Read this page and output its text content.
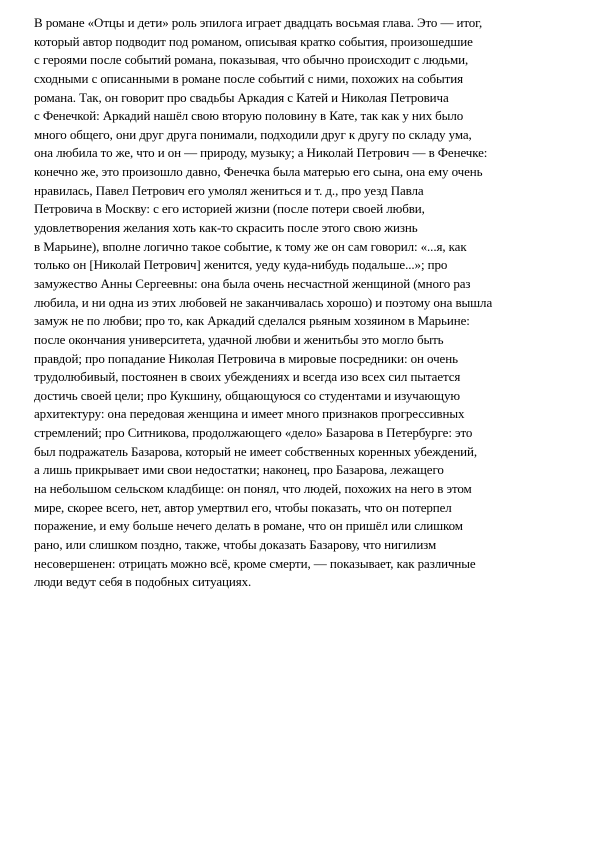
В романе «Отцы и дети» роль эпилога играет двадцать восьмая глава. Это — итог,
который автор подводит под романом, описывая кратко события, произошедшие
с героями после событий романа, показывая, что обычно происходит с людьми,
сходными с описанными в романе после событий с ними, похожих на события
романа. Так, он говорит про свадьбы Аркадия с Катей и Николая Петровича
с Фенечкой: Аркадий нашёл свою вторую половину в Кате, так как у них было
много общего, они друг друга понимали, подходили друг к другу по складу ума,
она любила то же, что и он — природу, музыку; а Николай Петрович — в Фенечке:
конечно же, это произошло давно, Фенечка была матерью его сына, она ему очень
нравилась, Павел Петрович его умолял жениться и т. д., про уезд Павла
Петровича в Москву: с его историей жизни (после потери своей любви,
удовлетворения желания хоть как-то скрасить после этого свою жизнь
в Марьине), вполне логично такое событие, к тому же он сам говорил: «...я, как
только он [Николай Петрович] женится, уеду куда-нибудь подальше...»; про
замужество Анны Сергеевны: она была очень несчастной женщиной (много раз
любила, и ни одна из этих любовей не заканчивалась хорошо) и поэтому она вышла
замуж не по любви; про то, как Аркадий сделался рьяным хозяином в Марьине:
после окончания университета, удачной любви и женитьбы это могло быть
правдой; про попадание Николая Петровича в мировые посредники: он очень
трудолюбивый, постоянен в своих убеждениях и всегда изо всех сил пытается
достичь своей цели; про Кукшину, общающуюся со студентами и изучающую
архитектуру: она передовая женщина и имеет много признаков прогрессивных
стремлений; про Ситникова, продолжающего «дело» Базарова в Петербурге: это
был подражатель Базарова, который не имеет собственных коренных убеждений,
а лишь прикрывает ими свои недостатки; наконец, про Базарова, лежащего
на небольшом сельском кладбище: он понял, что людей, похожих на него в этом
мире, скорее всего, нет, автор умертвил его, чтобы показать, что он потерпел
поражение, и ему больше нечего делать в романе, что он пришёл или слишком
рано, или слишком поздно, также, чтобы доказать Базарову, что нигилизм
несовершенен: отрицать можно всё, кроме смерти, — показывает, как различные
люди ведут себя в подобных ситуациях.
